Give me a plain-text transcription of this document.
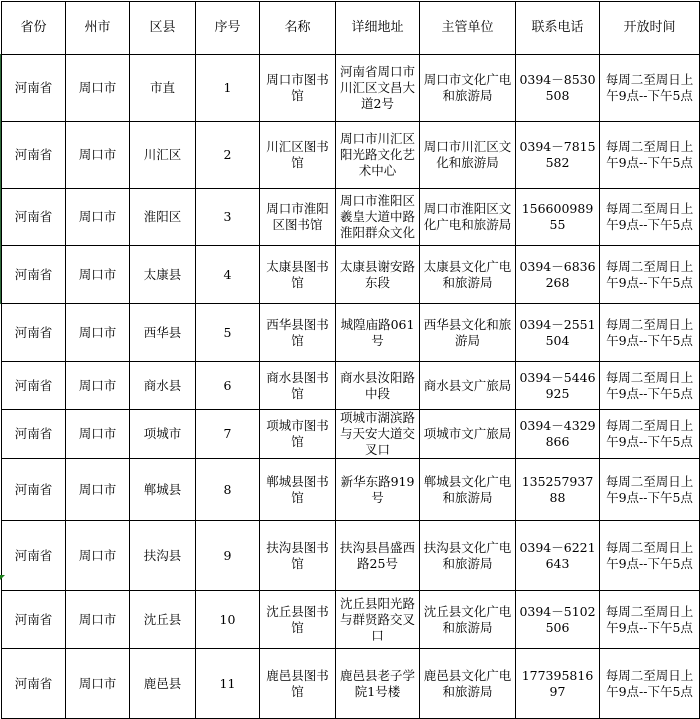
省份	州市	区县	序号	名称	详细地址	主管单位	联系电话	开放时间
河南省	周口市	市直	1	周口市图书馆	河南省周口市川汇区文昌大道2号	周口市文化广电和旅游局	0394－8530508	每周二至周日上午9点--下午5点
河南省	周口市	川汇区	2	川汇区图书馆	周口市川汇区阳光路文化艺术中心	周口市川汇区文化和旅游局	0394－7815582	每周二至周日上午9点--下午5点
河南省	周口市	淮阳区	3	周口市淮阳区图书馆	周口市淮阳区羲皇大道中路淮阳群众文化	周口市淮阳区文化广电和旅游局	15660098955	每周二至周日上午9点--下午5点
河南省	周口市	太康县	4	太康县图书馆	太康县谢安路东段	太康县文化广电和旅游局	0394－6836268	每周二至周日上午9点--下午5点
河南省	周口市	西华县	5	西华县图书馆	城隍庙路061号	西华县文化和旅游局	0394－2551504	每周二至周日上午9点--下午5点
河南省	周口市	商水县	6	商水县图书馆	商水县汝阳路中段	商水县文广旅局	0394－5446925	每周二至周日上午9点--下午5点

河南省	周口市	项城市	7	项城市图书馆	项城市湖滨路与天安大道交叉口	项城市文广旅局	0394－4329866	每周二至周日上午9点--下午5点
河南省	周口市	郸城县	8	郸城县图书馆	新华东路919号	郸城县文化广电和旅游局	13525793788	每周二至周日上午9点--下午5点
河南省	周口市	扶沟县	9	扶沟县图书馆	扶沟县昌盛西路25号	扶沟县文化广电和旅游局	0394－6221643	每周二至周日上午9点--下午5点
河南省	周口市	沈丘县	10	沈丘县图书馆	沈丘县阳光路与群贤路交叉口	沈丘县文化广电和旅游局	0394－5102506	每周二至周日上午9点--下午5点
河南省	周口市	鹿邑县	11	鹿邑县图书馆	鹿邑县老子学院1号楼	鹿邑县文化广电和旅游局	17739581697	每周二至周日上午9点--下午5点
